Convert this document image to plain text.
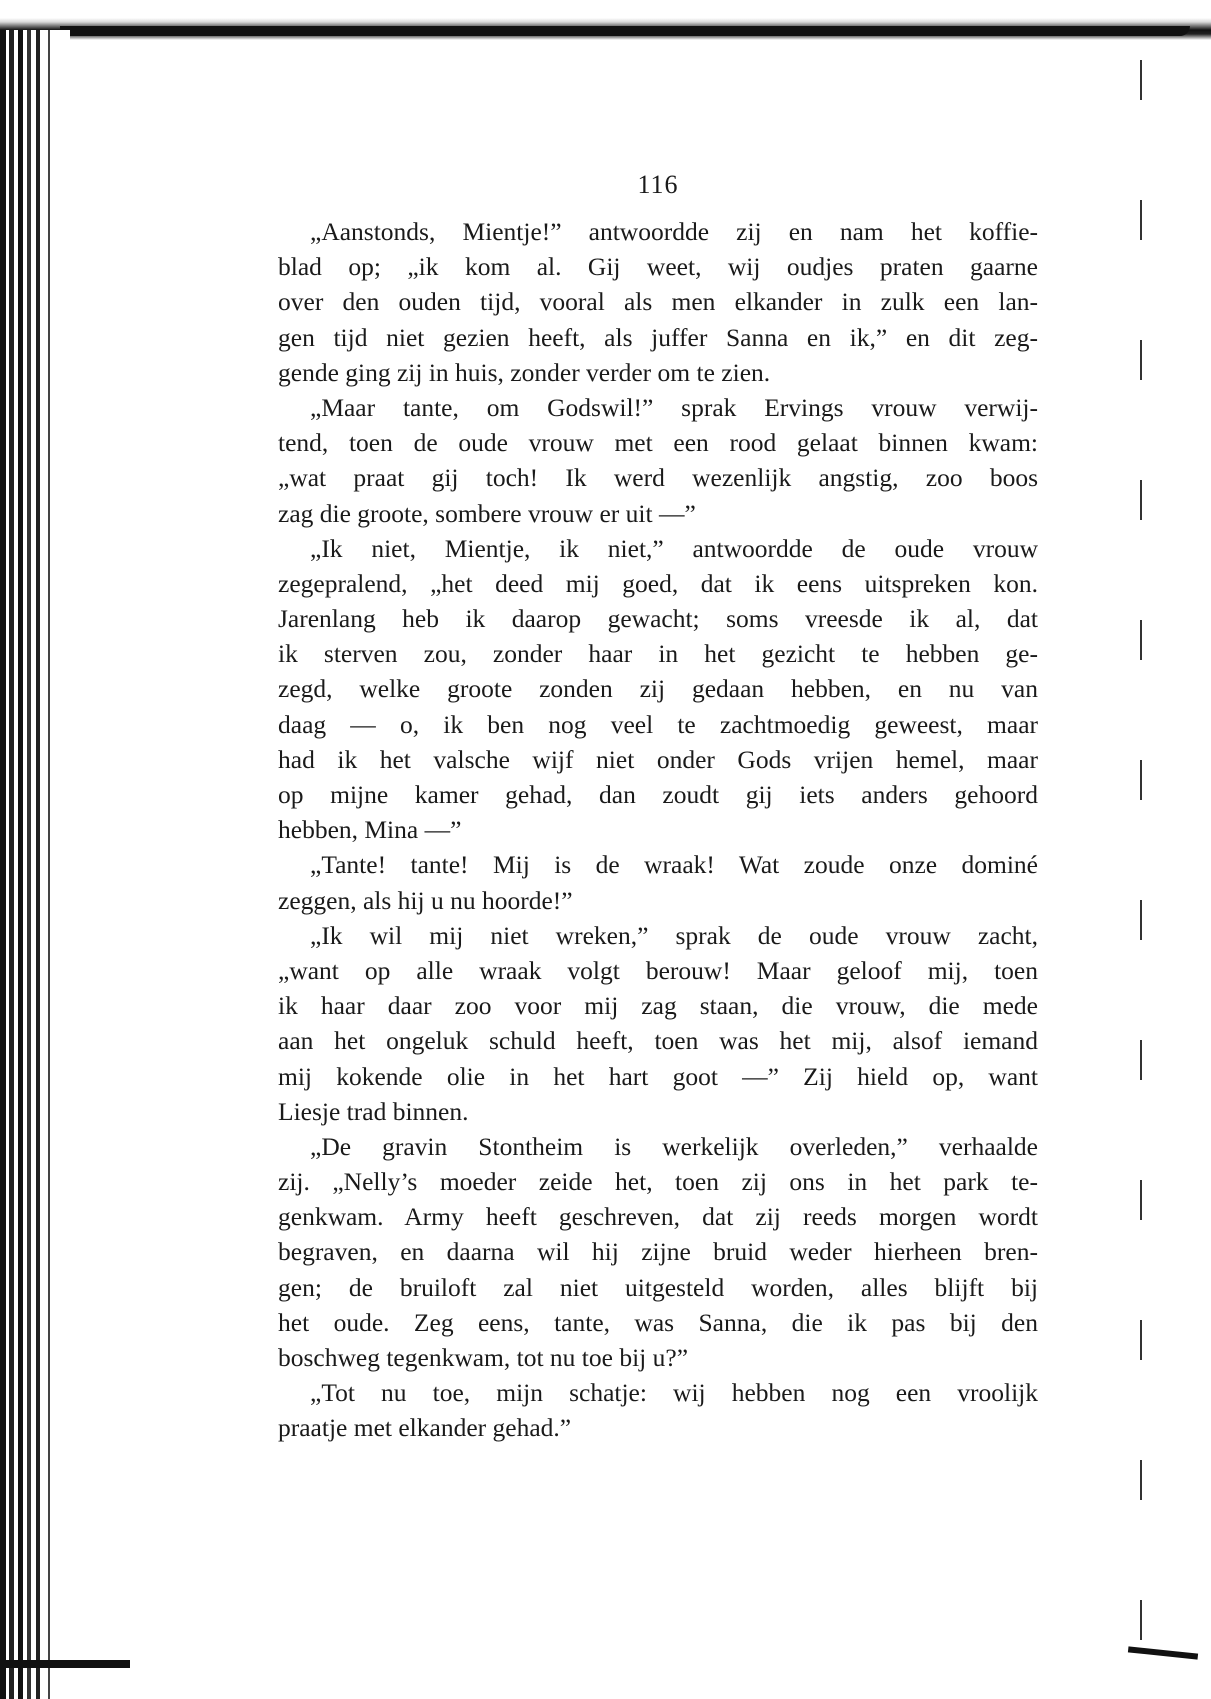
116
„Aanstonds, Mientje!” antwoordde zij en nam het koffie-
blad op; „ik kom al. Gij weet, wij oudjes praten gaarne
over den ouden tijd, vooral als men elkander in zulk een lan-
gen tijd niet gezien heeft, als juffer Sanna en ik,” en dit zeg-
gende ging zij in huis, zonder verder om te zien.
„Maar tante, om Godswil!” sprak Ervings vrouw verwij-
tend, toen de oude vrouw met een rood gelaat binnen kwam:
„wat praat gij toch! Ik werd wezenlijk angstig, zoo boos
zag die groote, sombere vrouw er uit —”
„Ik niet, Mientje, ik niet,” antwoordde de oude vrouw
zegepralend, „het deed mij goed, dat ik eens uitspreken kon.
Jarenlang heb ik daarop gewacht; soms vreesde ik al, dat
ik sterven zou, zonder haar in het gezicht te hebben ge-
zegd, welke groote zonden zij gedaan hebben, en nu van
daag — o, ik ben nog veel te zachtmoedig geweest, maar
had ik het valsche wijf niet onder Gods vrijen hemel, maar
op mijne kamer gehad, dan zoudt gij iets anders gehoord
hebben, Mina —”
„Tante! tante! Mij is de wraak! Wat zoude onze dominé
zeggen, als hij u nu hoorde!”
„Ik wil mij niet wreken,” sprak de oude vrouw zacht,
„want op alle wraak volgt berouw! Maar geloof mij, toen
ik haar daar zoo voor mij zag staan, die vrouw, die mede
aan het ongeluk schuld heeft, toen was het mij, alsof iemand
mij kokende olie in het hart goot —” Zij hield op, want
Liesje trad binnen.
„De gravin Stontheim is werkelijk overleden,” verhaalde
zij. „Nelly’s moeder zeide het, toen zij ons in het park te-
genkwam. Army heeft geschreven, dat zij reeds morgen wordt
begraven, en daarna wil hij zijne bruid weder hierheen bren-
gen; de bruiloft zal niet uitgesteld worden, alles blijft bij
het oude. Zeg eens, tante, was Sanna, die ik pas bij den
boschweg tegenkwam, tot nu toe bij u?”
„Tot nu toe, mijn schatje: wij hebben nog een vroolijk
praatje met elkander gehad.”
